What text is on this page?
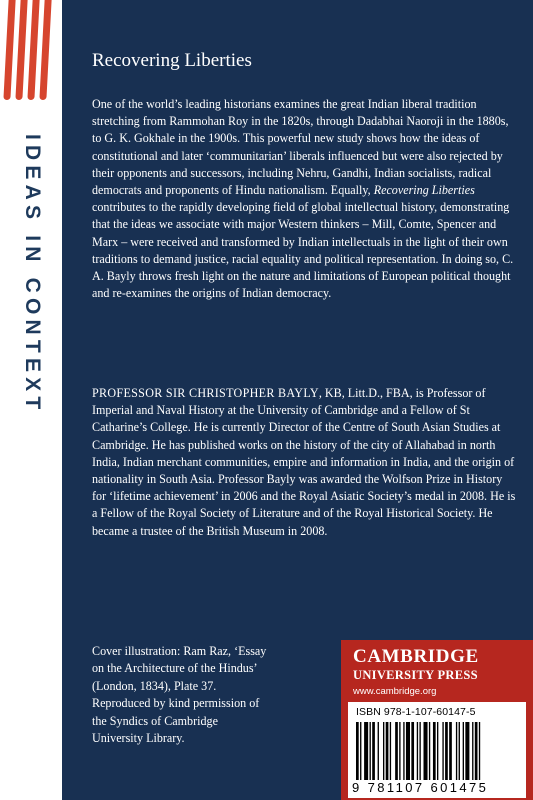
IDEAS IN CONTEXT
Recovering Liberties

One of the world’s leading historians examines the great Indian liberal tradition stretching from Rammohan Roy in the 1820s, through Dadabhai Naoroji in the 1880s, to G. K. Gokhale in the 1900s. This powerful new study shows how the ideas of constitutional and later ‘communitarian’ liberals influenced but were also rejected by their opponents and successors, including Nehru, Gandhi, Indian socialists, radical democrats and proponents of Hindu nationalism. Equally, Recovering Liberties contributes to the rapidly developing field of global intellectual history, demonstrating that the ideas we associate with major Western thinkers – Mill, Comte, Spencer and Marx – were received and transformed by Indian intellectuals in the light of their own traditions to demand justice, racial equality and political representation. In doing so, C. A. Bayly throws fresh light on the nature and limitations of European political thought and re-examines the origins of Indian democracy.

PROFESSOR SIR CHRISTOPHER BAYLY, KB, Litt.D., FBA, is Professor of Imperial and Naval History at the University of Cambridge and a Fellow of St Catharine’s College. He is currently Director of the Centre of South Asian Studies at Cambridge. He has published works on the history of the city of Allahabad in north India, Indian merchant communities, empire and information in India, and the origin of nationality in South Asia. Professor Bayly was awarded the Wolfson Prize in History for ‘lifetime achievement’ in 2006 and the Royal Asiatic Society’s medal in 2008. He is a Fellow of the Royal Society of Literature and of the Royal Historical Society. He became a trustee of the British Museum in 2008.

Cover illustration: Ram Raz, ‘Essay on the Architecture of the Hindus’ (London, 1834), Plate 37. Reproduced by kind permission of the Syndics of Cambridge University Library.

CAMBRIDGE
UNIVERSITY PRESS
www.cambridge.org
ISBN 978-1-107-60147-5
9 781107 601475
